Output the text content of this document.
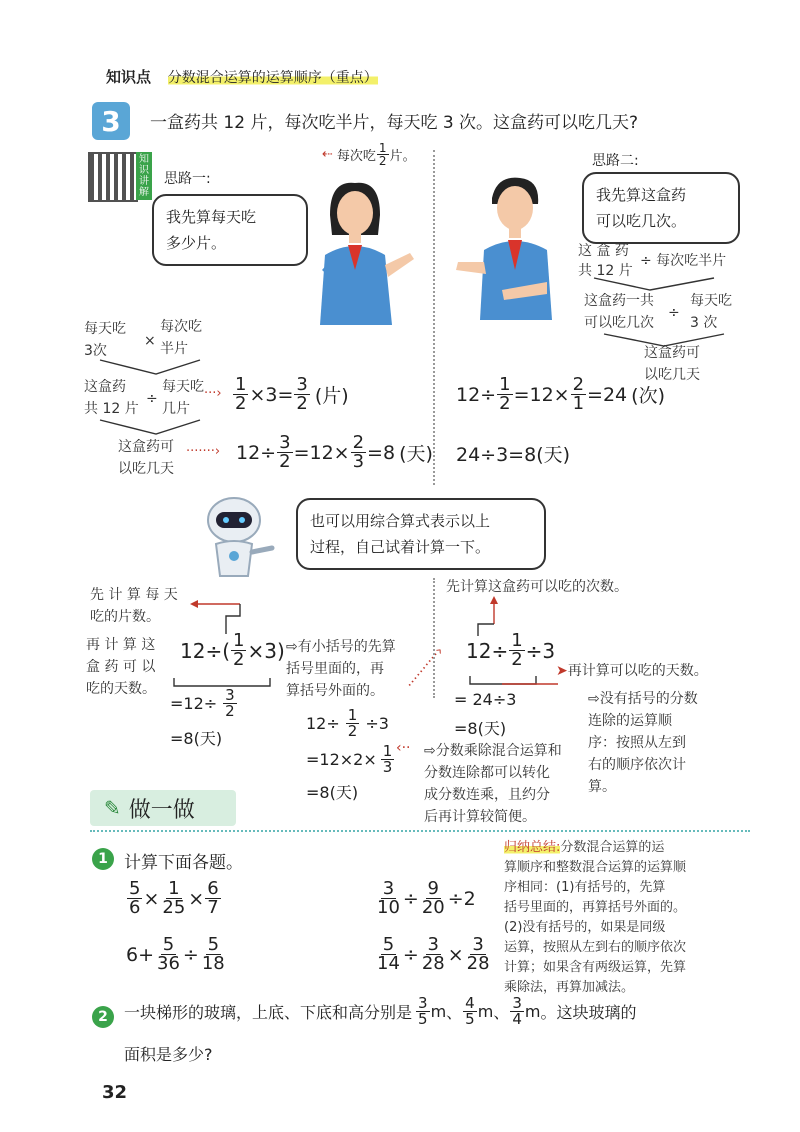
知识点 分数混合运算的运算顺序（重点）
3 一盒药共 12 片，每次吃半片，每天吃 3 次。这盒药可以吃几天?
⇠ 每次吃 $\frac{1}{2}$ 片。
知识讲解
思路一:
我先算每天吃
多少片。
每天吃
3次
×
每次吃
半片
这盒药
共 12 片
÷
每天吃
几片
···› $\frac{1}{2} \times 3= \frac{3}{2}$ (片)
这盒药可
以吃几天
·······› $12\div \frac{3}{2} =12\times \frac{2}{3} =8$ (天)
思路二:
我先算这盒药
可以吃几次。
这 盒 药
共 12 片
÷ 每次吃半片
这盒药一共
可以吃几次
÷
每天吃
3 次
这盒药可
以吃几天
$12\div \frac{1}{2} =12\times \frac{2}{1} =24$ (次)
24÷3=8(天)
也可以用综合算式表示以上
过程，自己试着计算一下。
先 计 算 每 天
吃的片数。
再 计 算 这
盒 药 可 以
吃的天数。
$12\div( \frac{1}{2} \times 3)$ ⇨有小括号的先算
括号里面的，再
算括号外面的。
$=12\div \frac{3}{2}$
=8(天)
$12\div \frac{1}{2} \div 3$
$=12\times 2\times \frac{1}{3}$ ‹··
=8(天)
⇨分数乘除混合运算和
分数连除都可以转化
成分数连乘，且约分
后再计算较简便。
··········›
先计算这盒药可以吃的次数。
$12\div \frac{1}{2} \div 3$
➤再计算可以吃的天数。
= 24÷3
=8(天)
⇨没有括号的分数
连除的运算顺
序：按照从左到
右的顺序依次计
算。
✎ 做一做
1 计算下面各题。
$\frac{5}{6} \times \frac{1}{25} \times \frac{6}{7}$
$6+ \frac{5}{36} \div \frac{5}{18}$
$\frac{3}{10} \div \frac{9}{20} \div 2$
$\frac{5}{14} \div \frac{3}{28} \times \frac{3}{28}$
归纳总结:分数混合运算的运
算顺序和整数混合运算的运算顺
序相同：(1)有括号的，先算
括号里面的，再算括号外面的。
(2)没有括号的，如果是同级
运算，按照从左到右的顺序依次
计算；如果含有两级运算，先算
乘除法，再算加减法。
2	一块梯形的玻璃，上底、下底和高分别是 $\frac{3}{5}$ m 、 $\frac{4}{5}$ m 、 $\frac{3}{4}$ m 。 这块玻璃的
面积是多少?
32
